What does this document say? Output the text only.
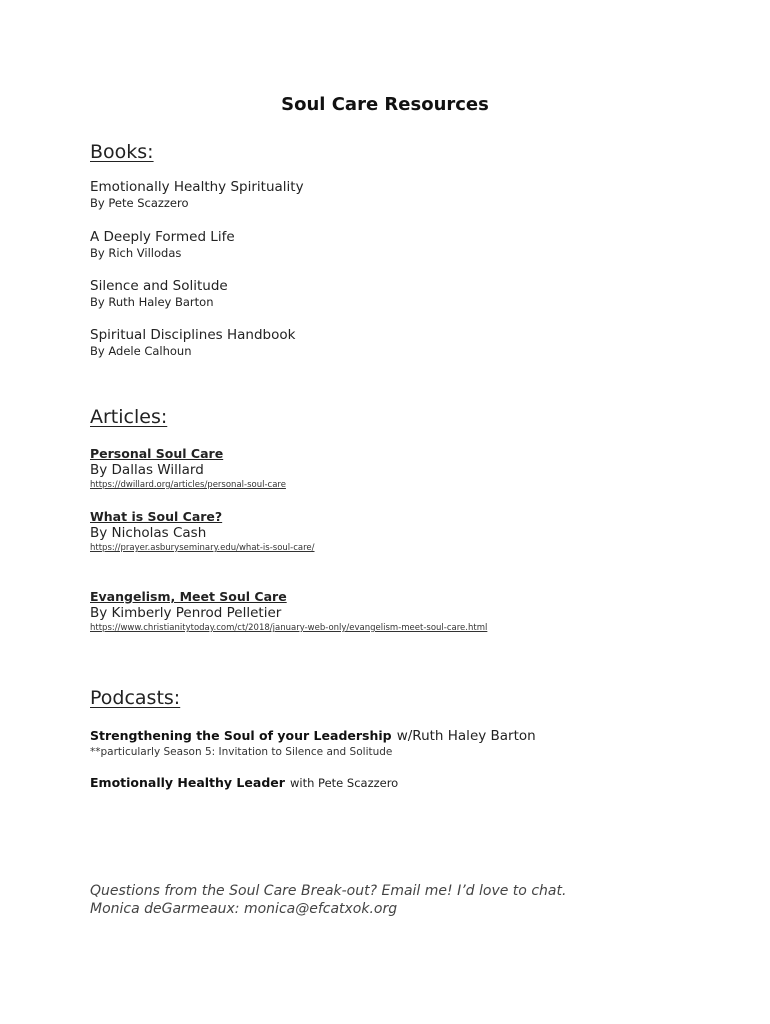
Soul Care Resources
Books:
Emotionally Healthy Spirituality
By Pete Scazzero
A Deeply Formed Life
By Rich Villodas
Silence and Solitude
By Ruth Haley Barton
Spiritual Disciplines Handbook
By Adele Calhoun
Articles:
Personal Soul Care
By Dallas Willard
https://dwillard.org/articles/personal-soul-care
What is Soul Care?
By Nicholas Cash
https://prayer.asburyseminary.edu/what-is-soul-care/
Evangelism, Meet Soul Care
By Kimberly Penrod Pelletier
https://www.christianitytoday.com/ct/2018/january-web-only/evangelism-meet-soul-care.html
Podcasts:
Strengthening the Soul of your Leadership w/Ruth Haley Barton
**particularly Season 5: Invitation to Silence and Solitude
Emotionally Healthy Leader with Pete Scazzero
Questions from the Soul Care Break-out? Email me! I’d love to chat.
Monica deGarmeaux: monica@efcatxok.org
